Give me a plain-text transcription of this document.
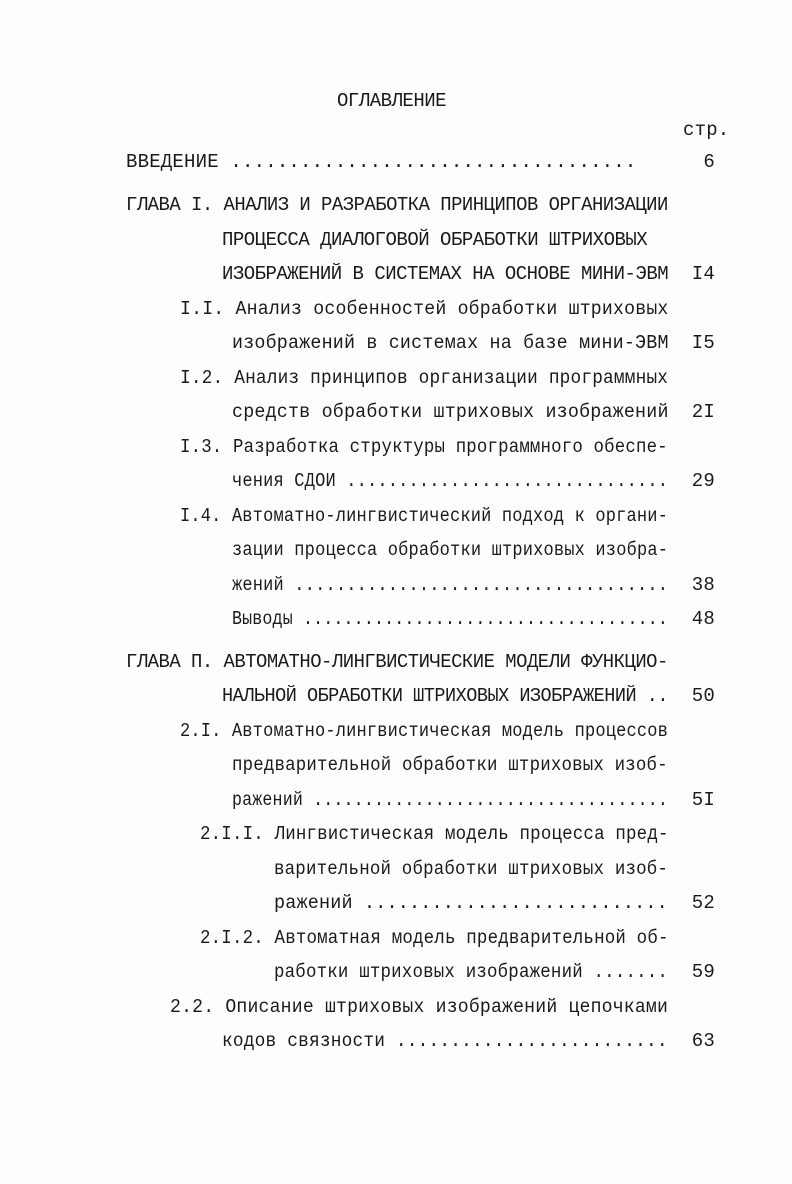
ОГЛАВЛЕНИЕ
стр.
ВВЕДЕНИЕ ...................................	6
ГЛАВА I. АНАЛИЗ И РАЗРАБОТКА ПРИНЦИПОВ ОРГАНИЗАЦИИ
ПРОЦЕССА ДИАЛОГОВОЙ ОБРАБОТКИ ШТРИХОВЫХ
ИЗОБРАЖЕНИЙ В СИСТЕМАХ НА ОСНОВЕ МИНИ-ЭВМ	I4
I.I. Анализ особенностей обработки штриховых
изображений в системах на базе мини-ЭВМ	I5
I.2. Анализ принципов организации программных
средств обработки штриховых изображений	2I
I.3. Разработка структуры программного обеспе-
чения СДОИ ...............................	29
I.4. Автоматно-лингвистический подход к органи-
зации процесса обработки штриховых изобра-
жений ....................................	38
Выводы ....................................	48
ГЛАВА П. АВТОМАТНО-ЛИНГВИСТИЧЕСКИЕ МОДЕЛИ ФУНКЦИО-
НАЛЬНОЙ ОБРАБОТКИ ШТРИХОВЫХ ИЗОБРАЖЕНИЙ ..	50
2.I. Автоматно-лингвистическая модель процессов
предварительной обработки штриховых изоб-
ражений ...................................	5I
2.I.I. Лингвистическая модель процесса пред-
варительной обработки штриховых изоб-
ражений ...........................	52
2.I.2. Автоматная модель предварительной об-
работки штриховых изображений .......	59
2.2. Описание штриховых изображений цепочками
кодов связности .........................	63
